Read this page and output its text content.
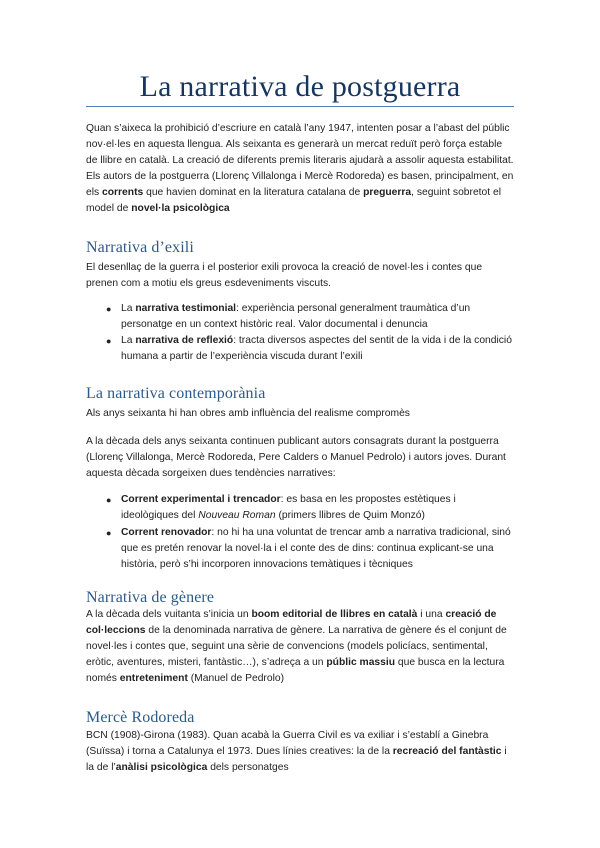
La narrativa de postguerra

Quan s’aixeca la prohibició d’escriure en català l’any 1947, intenten posar a l’abast del públic nov·el·les en aquesta llengua. Als seixanta es generarà un mercat reduït però força estable de llibre en català. La creació de diferents premis literaris ajudarà a assolir aquesta estabilitat. Els autors de la postguerra (Llorenç Villalonga i Mercè Rodoreda) es basen, principalment, en els corrents que havien dominat en la literatura catalana de preguerra, seguint sobretot el model de novel·la psicològica

Narrativa d’exili

El desenllaç de la guerra i el posterior exili provoca la creació de novel·les i contes que prenen com a motiu els greus esdeveniments viscuts.

● La narrativa testimonial: experiència personal generalment traumàtica d’un personatge en un context històric real. Valor documental i denuncia
● La narrativa de reflexió: tracta diversos aspectes del sentit de la vida i de la condició humana a partir de l’experiència viscuda durant l’exili
La narrativa contemporània

Als anys seixanta hi han obres amb influència del realisme compromès

A la dècada dels anys seixanta continuen publicant autors consagrats durant la postguerra (Llorenç Villalonga, Mercè Rodoreda, Pere Calders o Manuel Pedrolo) i autors joves. Durant aquesta dècada sorgeixen dues tendències narratives:

● Corrent experimental i trencador: es basa en les propostes estètiques i ideològiques del Nouveau Roman (primers llibres de Quim Monzó)
● Corrent renovador: no hi ha una voluntat de trencar amb a narrativa tradicional, sinó que es pretén renovar la novel·la i el conte des de dins: continua explicant-se una història, però s’hi incorporen innovacions temàtiques i tècniques
Narrativa de gènere

A la dècada dels vuitanta s’inicia un boom editorial de llibres en català i una creació de col·leccions de la denominada narrativa de gènere. La narrativa de gènere és el conjunt de novel·les i contes que, seguint una sèrie de convencions (models policíacs, sentimental, eròtic, aventures, misteri, fantàstic…), s’adreça a un públic massiu que busca en la lectura només entreteniment (Manuel de Pedrolo)

Mercè Rodoreda

BCN (1908)-Girona (1983). Quan acabà la Guerra Civil es va exiliar i s’establí a Ginebra (Suïssa) i torna a Catalunya el 1973. Dues línies creatives: la de la recreació del fantàstic i la de l’anàlisi psicològica dels personatges
